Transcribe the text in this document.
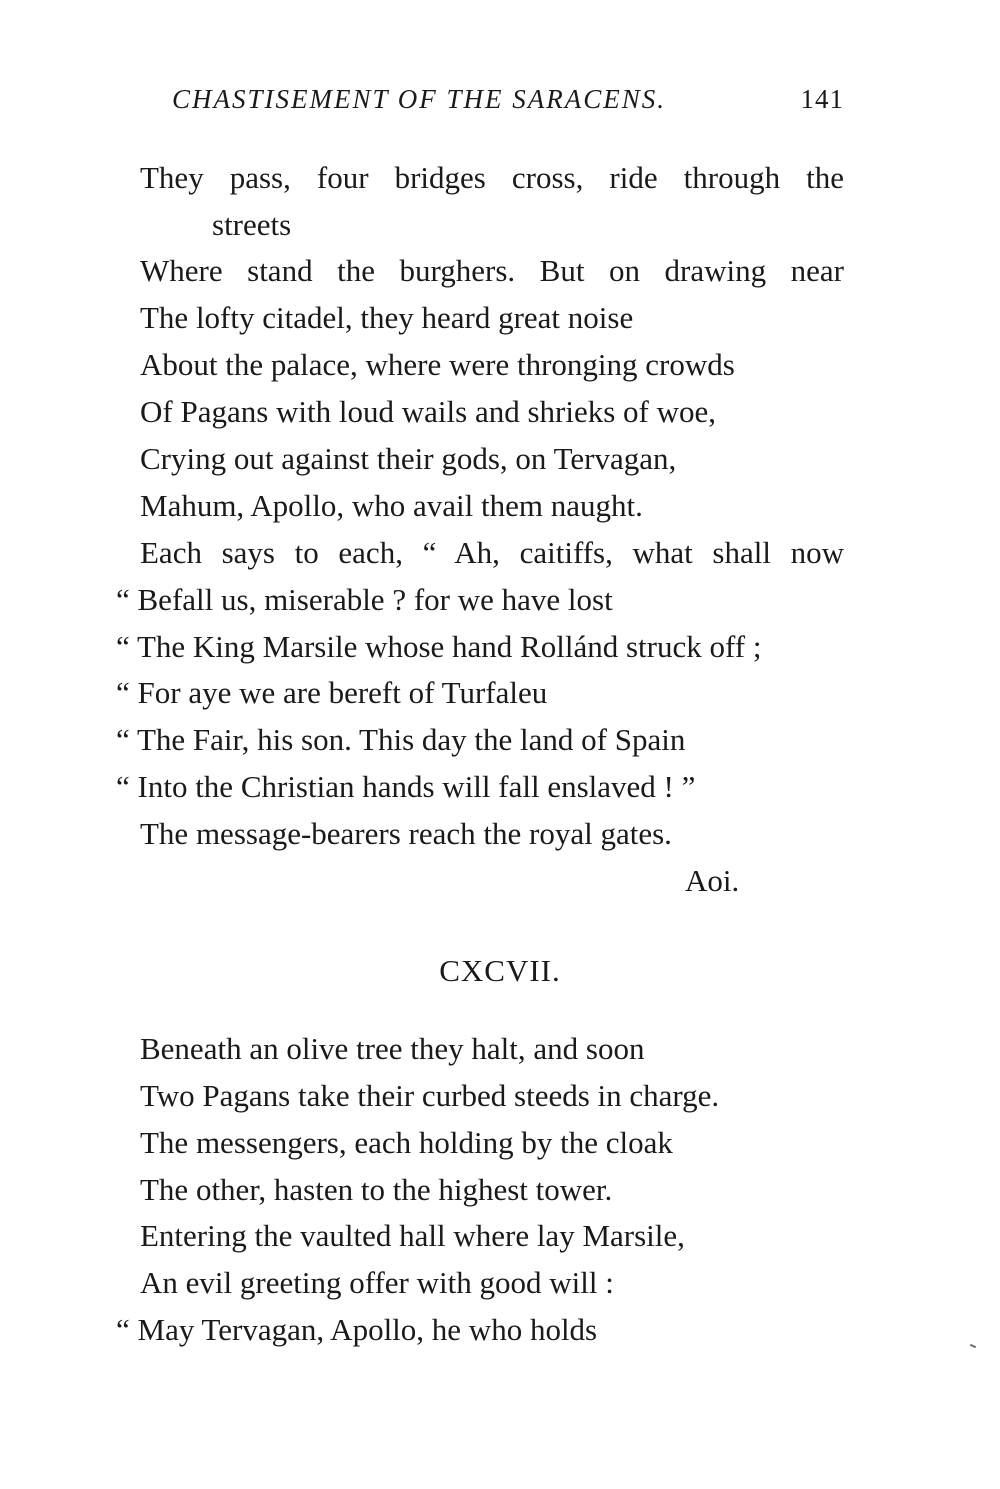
CHASTISEMENT OF THE SARACENS.	141
They pass, four bridges cross, ride through the
streets
Where stand the burghers. But on drawing near
The lofty citadel, they heard great noise
About the palace, where were thronging crowds
Of Pagans with loud wails and shrieks of woe,
Crying out against their gods, on Tervagan,
Mahum, Apollo, who avail them naught.
Each says to each, “ Ah, caitiffs, what shall now
“ Befall us, miserable ? for we have lost
“ The King Marsile whose hand Rollánd struck off ;
“ For aye we are bereft of Turfaleu
“ The Fair, his son. This day the land of Spain
“ Into the Christian hands will fall enslaved ! ”
The message-bearers reach the royal gates.
Aoi.
CXCVII.
Beneath an olive tree they halt, and soon
Two Pagans take their curbed steeds in charge.
The messengers, each holding by the cloak
The other, hasten to the highest tower.
Entering the vaulted hall where lay Marsile,
An evil greeting offer with good will :
“ May Tervagan, Apollo, he who holds
